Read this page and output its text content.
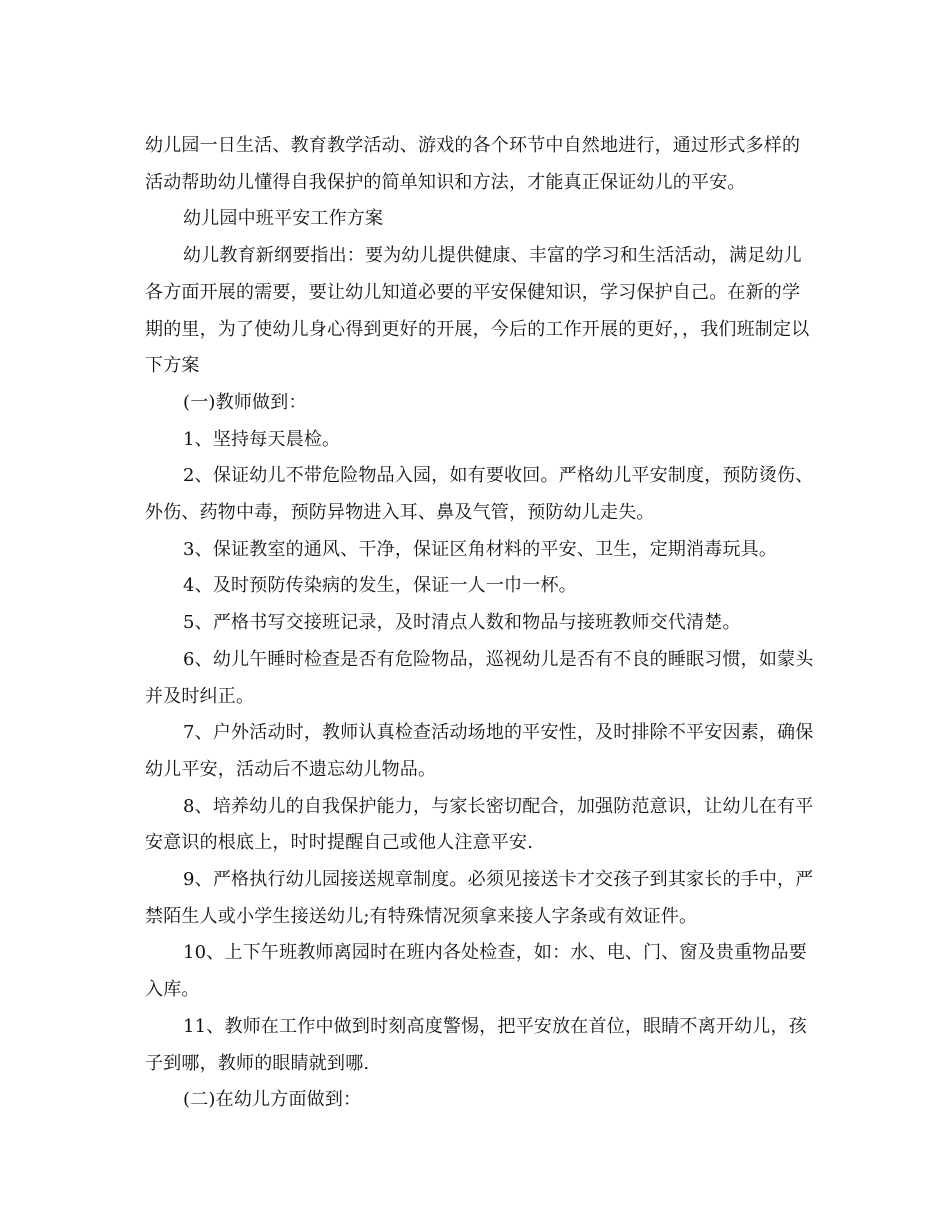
幼儿园一日生活、教育教学活动、游戏的各个环节中自然地进行，通过形式多样的活动帮助幼儿懂得自我保护的简单知识和方法，才能真正保证幼儿的平安。

幼儿园中班平安工作方案

幼儿教育新纲要指出：要为幼儿提供健康、丰富的学习和生活活动，满足幼儿各方面开展的需要，要让幼儿知道必要的平安保健知识，学习保护自己。在新的学期的里，为了使幼儿身心得到更好的开展，今后的工作开展的更好，，我们班制定以下方案

(一)教师做到：

1、坚持每天晨检。

2、保证幼儿不带危险物品入园，如有要收回。严格幼儿平安制度，预防烫伤、外伤、药物中毒，预防异物进入耳、鼻及气管，预防幼儿走失。

3、保证教室的通风、干净，保证区角材料的平安、卫生，定期消毒玩具。

4、及时预防传染病的发生，保证一人一巾一杯。

5、严格书写交接班记录，及时清点人数和物品与接班教师交代清楚。

6、幼儿午睡时检查是否有危险物品，巡视幼儿是否有不良的睡眠习惯，如蒙头并及时纠正。

7、户外活动时，教师认真检查活动场地的平安性，及时排除不平安因素，确保幼儿平安，活动后不遗忘幼儿物品。

8、培养幼儿的自我保护能力，与家长密切配合，加强防范意识，让幼儿在有平安意识的根底上，时时提醒自己或他人注意平安.

9、严格执行幼儿园接送规章制度。必须见接送卡才交孩子到其家长的手中，严禁陌生人或小学生接送幼儿;有特殊情况须拿来接人字条或有效证件。

10、上下午班教师离园时在班内各处检查，如：水、电、门、窗及贵重物品要入库。

11、教师在工作中做到时刻高度警惕，把平安放在首位，眼睛不离开幼儿，孩子到哪，教师的眼睛就到哪.

(二)在幼儿方面做到：
